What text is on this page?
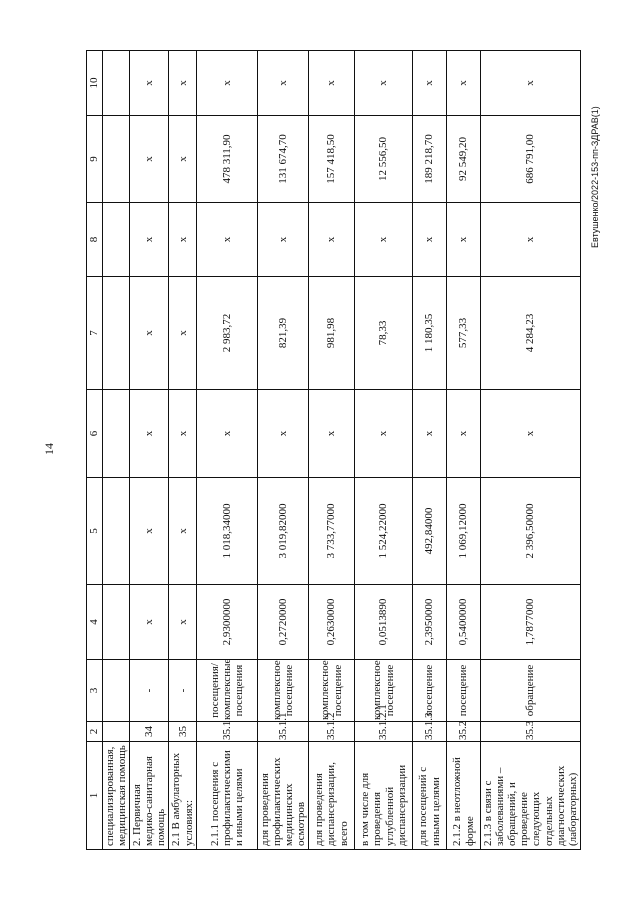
14
Евтушенко/2022-153-пп-ЗДРАВ(1)
1	2	3	4	5	6	7	8	9	10
специализированная, медицинская помощь									
2. Первичная медико-санитарная помощь	34	-	х	х	х	х	х	х	х
2.1 В амбулаторных условиях:	35	-	х	х	х	х	х	х	х
2.1.1 посещения с профилактическими и иными целями	35.1	посещения/ комплексные посещения	2,9300000	1 018,34000	х	2 983,72	х	478 311,90	х
для проведения профилактических медицинских осмотров	35.1.1	комплексное посещение	0,2720000	3 019,82000	х	821,39	х	131 674,70	х
для проведения диспансеризации, всего	35.1.2	комплексное посещение	0,2630000	3 733,77000	х	981,98	х	157 418,50	х
в том числе для проведения углубленной диспансеризации	35.1.2.1	комплексное посещение	0,0513890	1 524,22000	х	78,33	х	12 556,50	х
для посещений с иными целями	35.1.3	посещение	2,3950000	492,84000	х	1 180,35	х	189 218,70	х
2.1.2 в неотложной форме	35.2	посещение	0,5400000	1 069,12000	х	577,33	х	92 549,20	х
2.1.3 в связи с заболеваниями – обращений, и проведение следующих отдельных диагностических (лабораторных)	35.3	обращение	1,7877000	2 396,50000	х	4 284,23	х	686 791,00	х
